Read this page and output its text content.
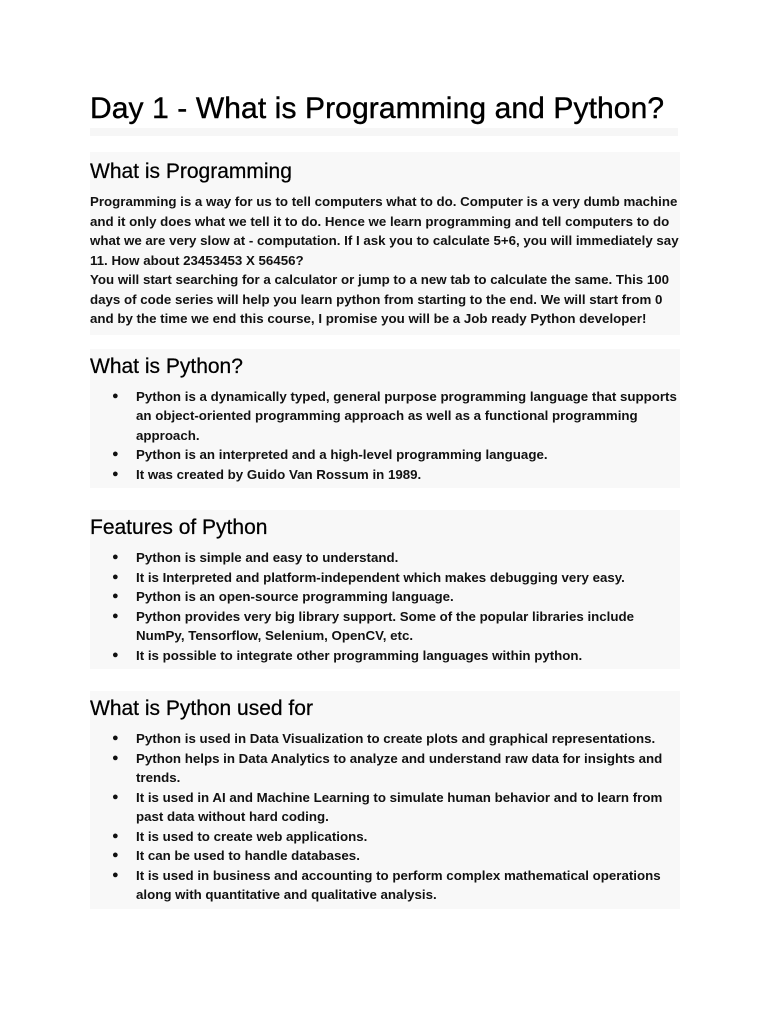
Day 1 - What is Programming and Python?
What is Programming

Programming is a way for us to tell computers what to do. Computer is a very dumb machine and it only does what we tell it to do. Hence we learn programming and tell computers to do what we are very slow at - computation. If I ask you to calculate 5+6, you will immediately say 11. How about 23453453 X 56456?

You will start searching for a calculator or jump to a new tab to calculate the same. This 100 days of code series will help you learn python from starting to the end. We will start from 0 and by the time we end this course, I promise you will be a Job ready Python developer!

What is Python?
● Python is a dynamically typed, general purpose programming language that supports an object-oriented programming approach as well as a functional programming approach.
● Python is an interpreted and a high-level programming language.
● It was created by Guido Van Rossum in 1989.
Features of Python
● Python is simple and easy to understand.
● It is Interpreted and platform-independent which makes debugging very easy.
● Python is an open-source programming language.
● Python provides very big library support. Some of the popular libraries include NumPy, Tensorflow, Selenium, OpenCV, etc.
● It is possible to integrate other programming languages within python.
What is Python used for
● Python is used in Data Visualization to create plots and graphical representations.
● Python helps in Data Analytics to analyze and understand raw data for insights and trends.
● It is used in AI and Machine Learning to simulate human behavior and to learn from past data without hard coding.
● It is used to create web applications.
● It can be used to handle databases.
● It is used in business and accounting to perform complex mathematical operations along with quantitative and qualitative analysis.
